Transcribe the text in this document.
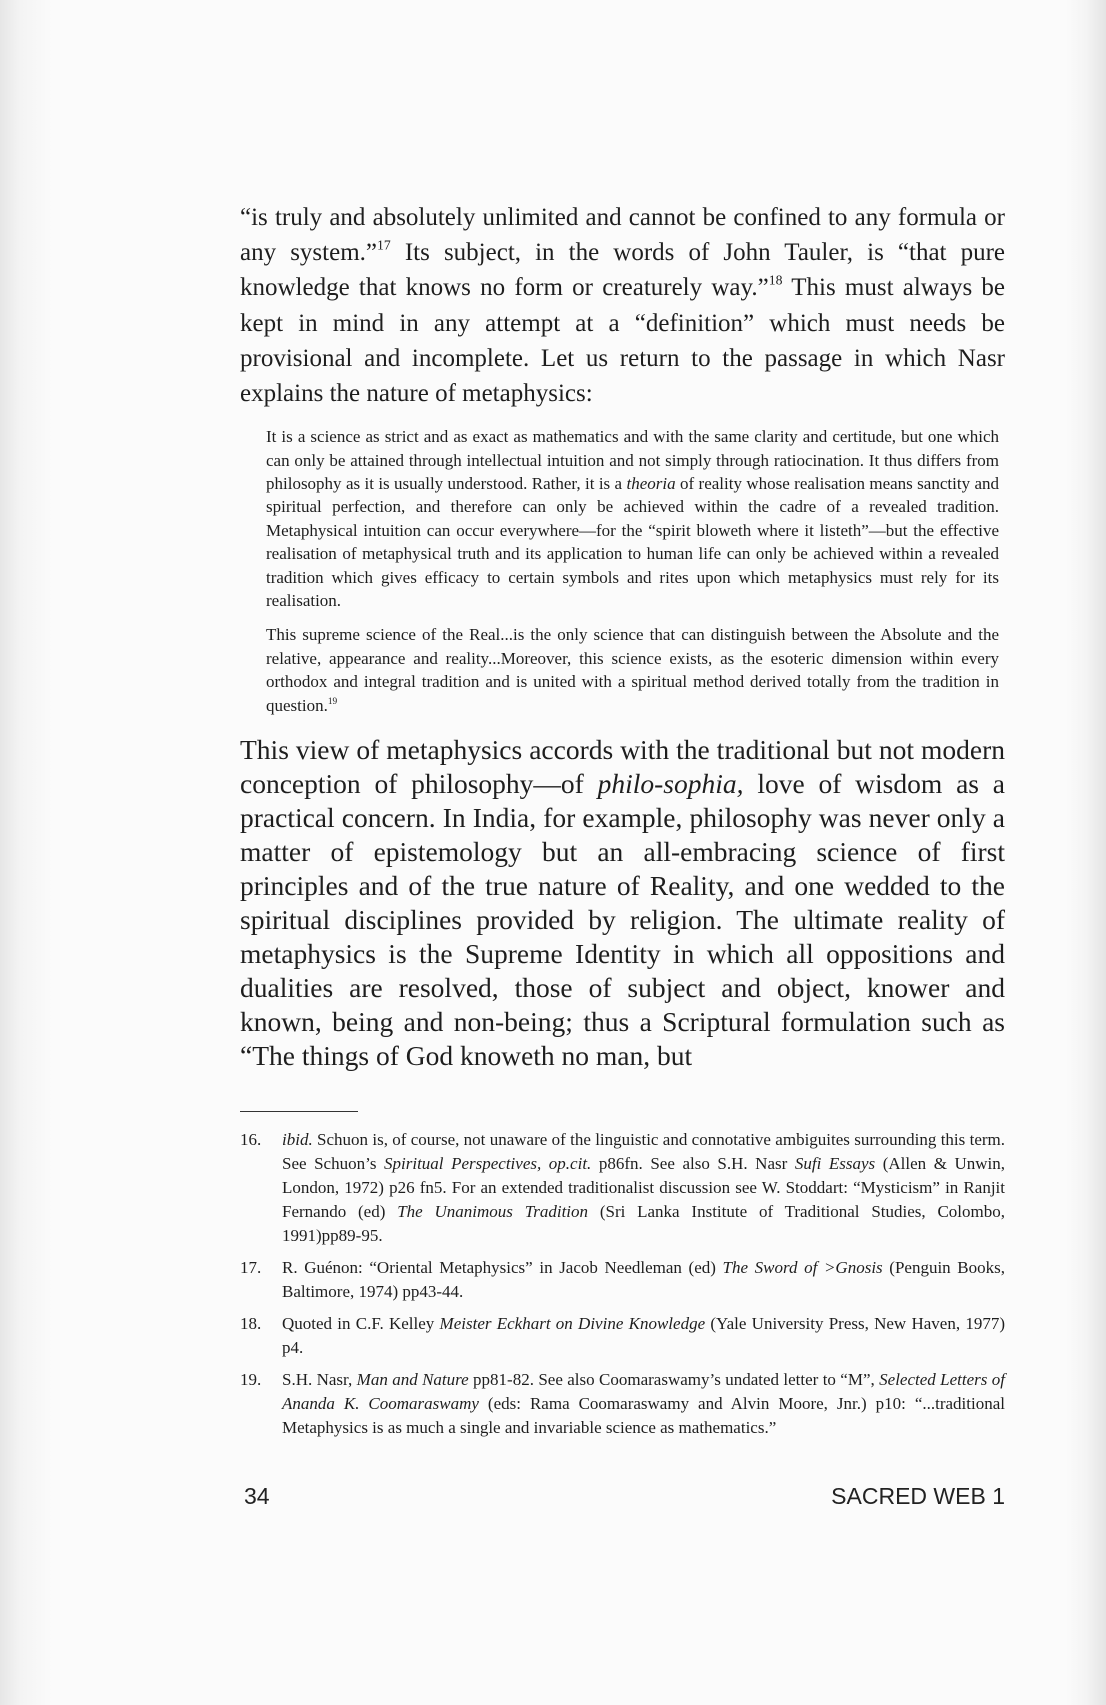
“is truly and absolutely unlimited and cannot be confined to any formula or any system.”$^{17}$ Its subject, in the words of John Tauler, is “that pure knowledge that knows no form or creaturely way.”$^{18}$ This must always be kept in mind in any attempt at a “definition” which must needs be provisional and incomplete. Let us return to the passage in which Nasr explains the nature of metaphysics:

It is a science as strict and as exact as mathematics and with the same clarity and certitude, but one which can only be attained through intellectual intuition and not simply through ratiocination. It thus differs from philosophy as it is usually understood. Rather, it is a theoria of reality whose realisation means sanctity and spiritual perfection, and therefore can only be achieved within the cadre of a revealed tradition. Metaphysical intuition can occur everywhere—for the “spirit bloweth where it listeth”—but the effective realisation of metaphysical truth and its application to human life can only be achieved within a revealed tradition which gives efficacy to certain symbols and rites upon which metaphysics must rely for its realisation.

This supreme science of the Real...is the only science that can distinguish between the Absolute and the relative, appearance and reality...Moreover, this science exists, as the esoteric dimension within every orthodox and integral tradition and is united with a spiritual method derived totally from the tradition in question.$^{19}$

This view of metaphysics accords with the traditional but not modern conception of philosophy—of philo-sophia, love of wisdom as a practical concern. In India, for example, philosophy was never only a matter of epistemology but an all-embracing science of first principles and of the true nature of Reality, and one wedded to the spiritual disciplines provided by religion. The ultimate reality of metaphysics is the Supreme Identity in which all oppositions and dualities are resolved, those of subject and object, knower and known, being and non-being; thus a Scriptural formulation such as “The things of God knoweth no man, but

16. ibid. Schuon is, of course, not unaware of the linguistic and connotative ambiguites surrounding this term. See Schuon’s Spiritual Perspectives, op.cit. p86fn. See also S.H. Nasr Sufi Essays (Allen & Unwin, London, 1972) p26 fn5. For an extended traditionalist discussion see W. Stoddart: “Mysticism” in Ranjit Fernando (ed) The Unanimous Tradition (Sri Lanka Institute of Traditional Studies, Colombo, 1991)pp89-95.
17. R. Guénon: “Oriental Metaphysics” in Jacob Needleman (ed) The Sword of >Gnosis (Penguin Books, Baltimore, 1974) pp43-44.
18. Quoted in C.F. Kelley Meister Eckhart on Divine Knowledge (Yale University Press, New Haven, 1977) p4.
19. S.H. Nasr, Man and Nature pp81-82. See also Coomaraswamy’s undated letter to “M”, Selected Letters of Ananda K. Coomaraswamy (eds: Rama Coomaraswamy and Alvin Moore, Jnr.) p10: “...traditional Metaphysics is as much a single and invariable science as mathematics.”
34	SACRED WEB 1
